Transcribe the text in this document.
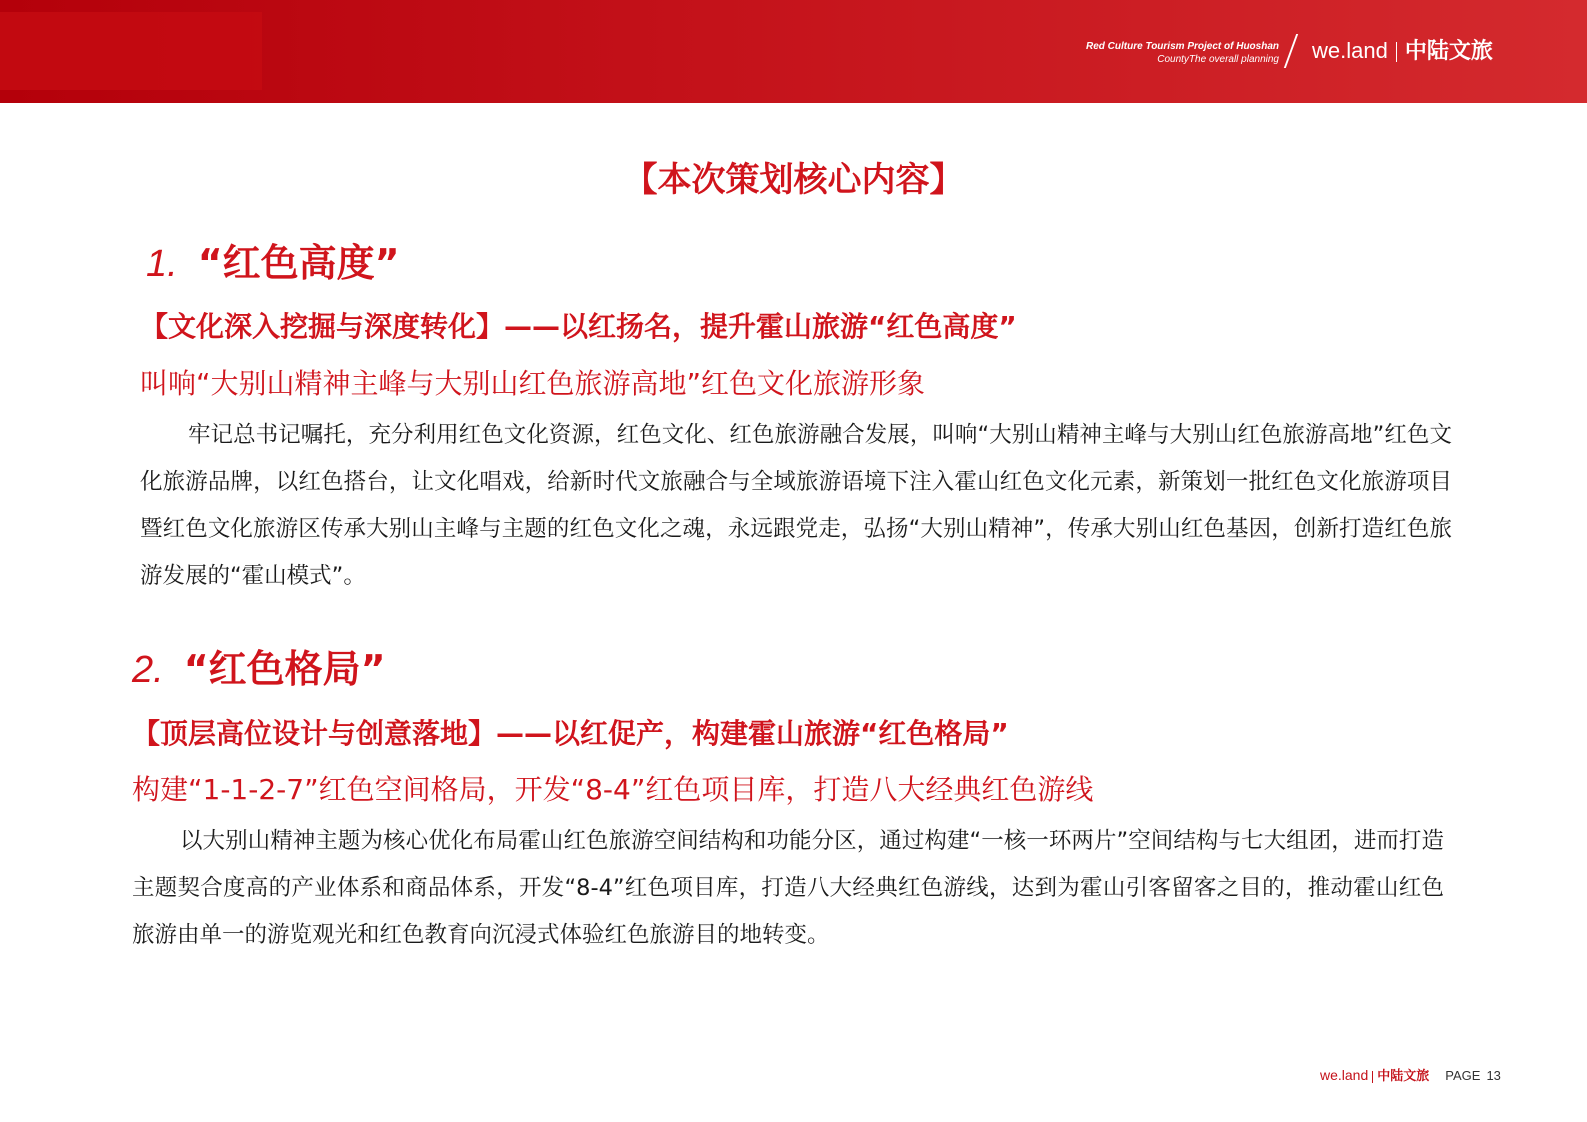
Red Culture Tourism Project of Huoshan
CountyThe overall planning we.land 中陆文旅
【本次策划核心内容】
1. “红色高度”
【文化深入挖掘与深度转化】——以红扬名，提升霍山旅游“红色高度”
叫响“大别山精神主峰与大别山红色旅游高地”红色文化旅游形象
牢记总书记嘱托，充分利用红色文化资源，红色文化、红色旅游融合发展，叫响“大别山精神主峰与大别山红色旅游高地”红色文化旅游品牌，以红色搭台，让文化唱戏，给新时代文旅融合与全域旅游语境下注入霍山红色文化元素，新策划一批红色文化旅游项目暨红色文化旅游区传承大别山主峰与主题的红色文化之魂，永远跟党走，弘扬“大别山精神”，传承大别山红色基因，创新打造红色旅游发展的“霍山模式”。
2. “红色格局”
【顶层高位设计与创意落地】——以红促产，构建霍山旅游“红色格局”
构建“1-1-2-7”红色空间格局，开发“8-4”红色项目库，打造八大经典红色游线
以大别山精神主题为核心优化布局霍山红色旅游空间结构和功能分区，通过构建“一核一环两片”空间结构与七大组团，进而打造主题契合度高的产业体系和商品体系，开发“8-4”红色项目库，打造八大经典红色游线，达到为霍山引客留客之目的，推动霍山红色旅游由单一的游览观光和红色教育向沉浸式体验红色旅游目的地转变。
we.land 中陆文旅 PAGE 13
